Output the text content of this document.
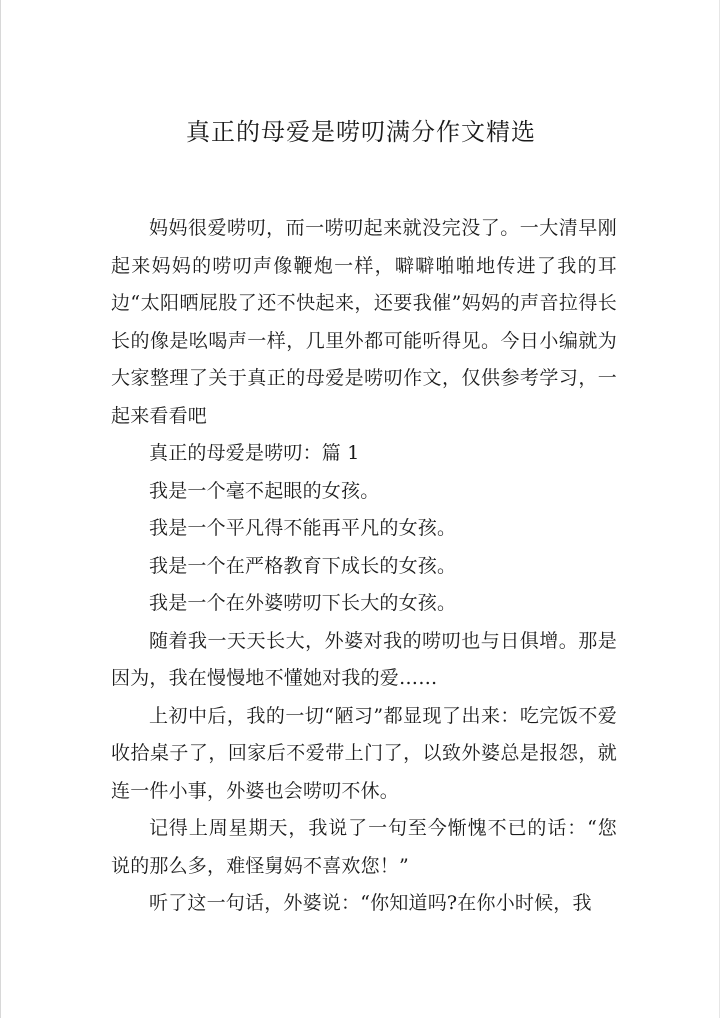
真正的母爱是唠叨满分作文精选

妈妈很爱唠叨，而一唠叨起来就没完没了。一大清早刚起来妈妈的唠叨声像鞭炮一样，噼噼啪啪地传进了我的耳边“太阳晒屁股了还不快起来，还要我催”妈妈的声音拉得长长的像是吆喝声一样，几里外都可能听得见。今日小编就为大家整理了关于真正的母爱是唠叨作文，仅供参考学习，一起来看看吧

真正的母爱是唠叨：篇 1

我是一个毫不起眼的女孩。

我是一个平凡得不能再平凡的女孩。

我是一个在严格教育下成长的女孩。

我是一个在外婆唠叨下长大的女孩。

随着我一天天长大，外婆对我的唠叨也与日俱增。那是因为，我在慢慢地不懂她对我的爱……

上初中后，我的一切“陋习”都显现了出来：吃完饭不爱收拾桌子了，回家后不爱带上门了，以致外婆总是报怨，就连一件小事，外婆也会唠叨不休。

记得上周星期天，我说了一句至今惭愧不已的话：“您说的那么多，难怪舅妈不喜欢您！”

听了这一句话，外婆说：“你知道吗?在你小时候，我
